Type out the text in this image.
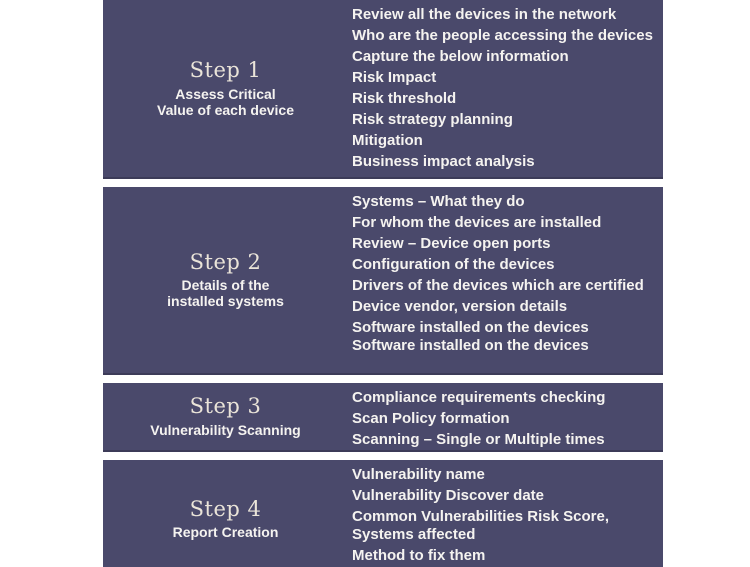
Step 1
Assess Critical
Value of each device
Review all the devices in the network
Who are the people accessing the devices
Capture the below information
Risk Impact
Risk threshold
Risk strategy planning
Mitigation
Business impact analysis
Step 2
Details of the
installed systems
Systems – What they do
For whom the devices are installed
Review – Device open ports
Configuration of the devices
Drivers of the devices which are certified
Device vendor, version details
Software installed on the devices Software installed on the devices
Step 3
Vulnerability Scanning
Compliance requirements checking
Scan Policy formation
Scanning – Single or Multiple times
Step 4
Report Creation
Vulnerability name
Vulnerability Discover date
Common Vulnerabilities Risk Score, Systems affected
Method to fix them
